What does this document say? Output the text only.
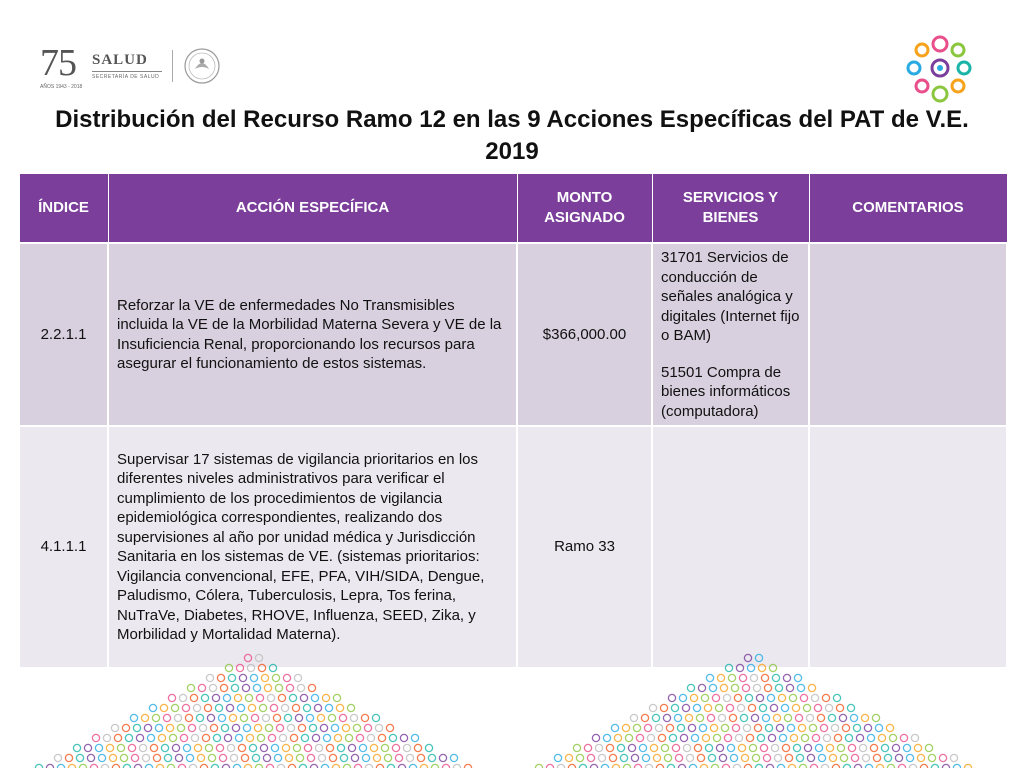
75
AÑOS 1943 - 2018
SALUD
SECRETARÍA DE SALUD
Distribución del Recurso Ramo 12 en las 9 Acciones Específicas del PAT de V.E. 2019
ÍNDICE	ACCIÓN ESPECÍFICA	MONTO ASIGNADO	SERVICIOS Y BIENES	COMENTARIOS
2.2.1.1	Reforzar la VE de enfermedades No Transmisibles incluida la VE de la Morbilidad Materna Severa y VE de la Insuficiencia Renal, proporcionando los recursos para asegurar el funcionamiento de estos sistemas.	$366,000.00	31701 Servicios de conducción de señales analógica y digitales (Internet fijo o BAM)
51501 Compra de bienes informáticos (computadora)	

4.1.1.1	Supervisar 17 sistemas de vigilancia prioritarios en los diferentes niveles administrativos para verificar el cumplimiento de los procedimientos de vigilancia epidemiológica correspondientes, realizando dos supervisiones al año por unidad médica y Jurisdicción Sanitaria en los sistemas de VE. (sistemas prioritarios: Vigilancia convencional, EFE, PFA, VIH/SIDA, Dengue, Paludismo, Cólera, Tuberculosis, Lepra, Tos ferina, NuTraVe, Diabetes, RHOVE, Influenza, SEED, Zika, y Morbilidad y Mortalidad Materna).	Ramo 33		
